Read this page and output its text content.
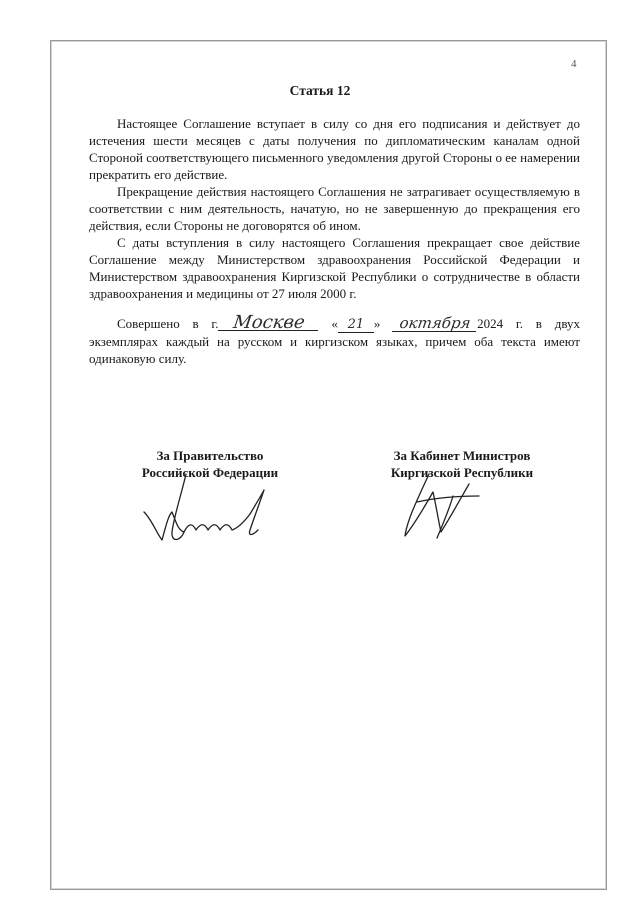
4
Статья 12

Настоящее Соглашение вступает в силу со дня его подписания и действует до истечения шести месяцев с даты получения по дипломатическим каналам одной Стороной соответствующего письменного уведомления другой Стороны о ее намерении прекратить его действие.

Прекращение действия настоящего Соглашения не затрагивает осуществляемую в соответствии с ним деятельность, начатую, но не завершенную до прекращения его действия, если Стороны не договорятся об ином.

С даты вступления в силу настоящего Соглашения прекращает свое действие Соглашение между Министерством здравоохранения Российской Федерации и Министерством здравоохранения Киргизской Республики о сотрудничестве в области здравоохранения и медицины от 27 июля 2000 г.

Совершено в г. Москве « 21 » октября 2024 г. в двух экземплярах каждый на русском и киргизском языках, причем оба текста имеют одинаковую силу.

За Правительство
Российской Федерации
За Кабинет Министров
Киргизской Республики
